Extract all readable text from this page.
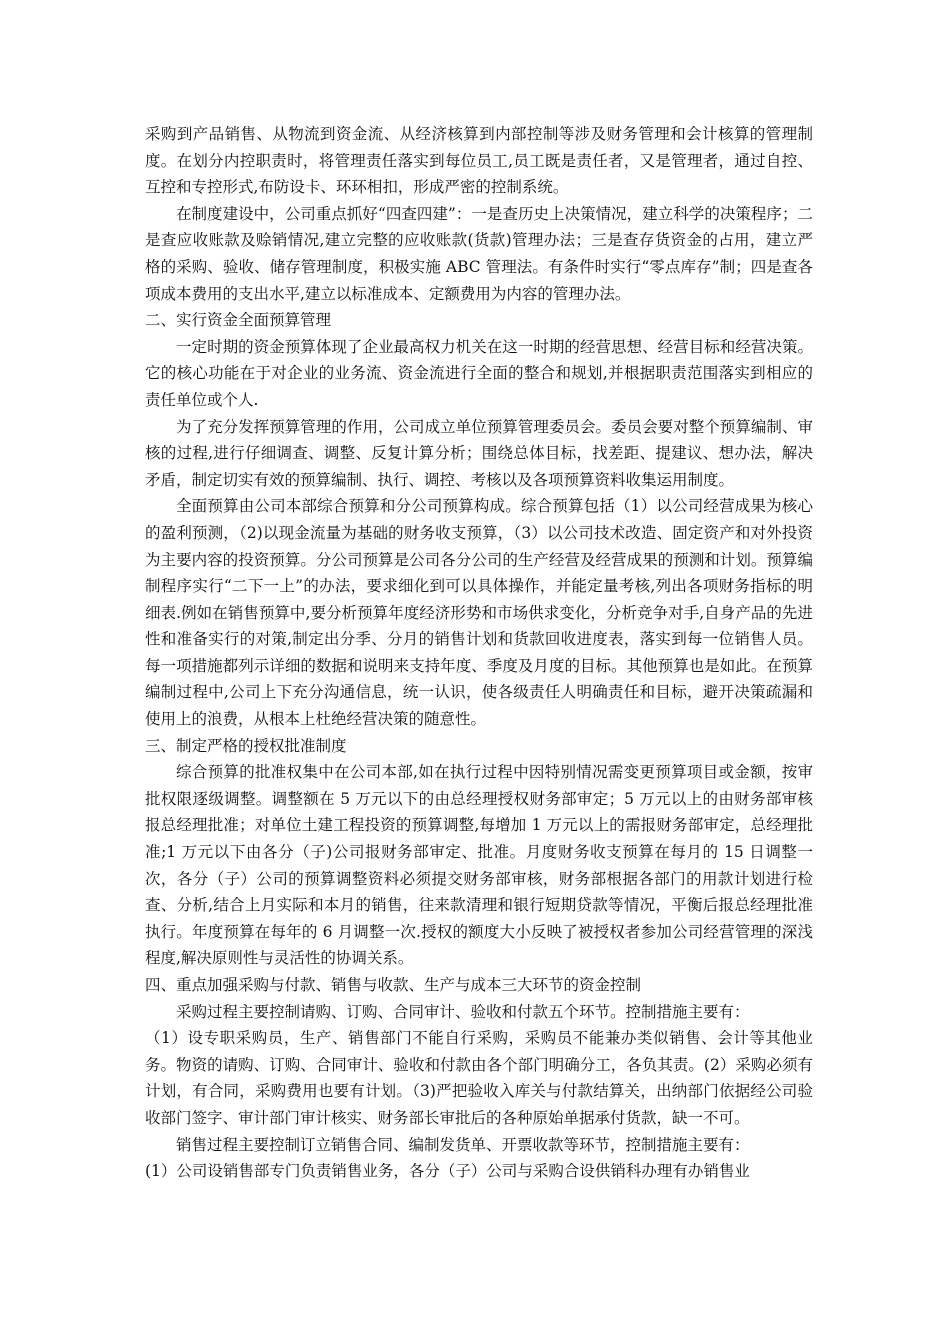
采购到产品销售、从物流到资金流、从经济核算到内部控制等涉及财务管理和会计核算的管理制度。在划分内控职责时，将管理责任落实到每位员工,员工既是责任者，又是管理者，通过自控、互控和专控形式,布防设卡、环环相扣，形成严密的控制系统。

在制度建设中，公司重点抓好“四查四建”：一是查历史上决策情况，建立科学的决策程序；二是查应收账款及赊销情况,建立完整的应收账款(货款)管理办法；三是查存货资金的占用，建立严格的采购、验收、储存管理制度，积极实施 ABC 管理法。有条件时实行“零点库存”制；四是查各项成本费用的支出水平,建立以标准成本、定额费用为内容的管理办法。

二、实行资金全面预算管理

一定时期的资金预算体现了企业最高权力机关在这一时期的经营思想、经营目标和经营决策。它的核心功能在于对企业的业务流、资金流进行全面的整合和规划,并根据职责范围落实到相应的责任单位或个人.

为了充分发挥预算管理的作用，公司成立单位预算管理委员会。委员会要对整个预算编制、审核的过程,进行仔细调查、调整、反复计算分析；围绕总体目标，找差距、提建议、想办法，解决矛盾，制定切实有效的预算编制、执行、调控、考核以及各项预算资料收集运用制度。

全面预算由公司本部综合预算和分公司预算构成。综合预算包括（1）以公司经营成果为核心的盈利预测，（2)以现金流量为基础的财务收支预算，（3）以公司技术改造、固定资产和对外投资为主要内容的投资预算。分公司预算是公司各分公司的生产经营及经营成果的预测和计划。预算编制程序实行“二下一上”的办法，要求细化到可以具体操作，并能定量考核,列出各项财务指标的明细表.例如在销售预算中,要分析预算年度经济形势和市场供求变化，分析竞争对手,自身产品的先进性和准备实行的对策,制定出分季、分月的销售计划和货款回收进度表，落实到每一位销售人员。每一项措施都列示详细的数据和说明来支持年度、季度及月度的目标。其他预算也是如此。在预算编制过程中,公司上下充分沟通信息，统一认识，使各级责任人明确责任和目标，避开决策疏漏和使用上的浪费，从根本上杜绝经营决策的随意性。

三、制定严格的授权批准制度

综合预算的批准权集中在公司本部,如在执行过程中因特别情况需变更预算项目或金额，按审批权限逐级调整。调整额在 5 万元以下的由总经理授权财务部审定；5 万元以上的由财务部审核报总经理批准；对单位土建工程投资的预算调整,每增加 1 万元以上的需报财务部审定，总经理批准;1 万元以下由各分（子)公司报财务部审定、批准。月度财务收支预算在每月的 15 日调整一次，各分（子）公司的预算调整资料必须提交财务部审核，财务部根据各部门的用款计划进行检查、分析,结合上月实际和本月的销售，往来款清理和银行短期贷款等情况，平衡后报总经理批准执行。年度预算在每年的 6 月调整一次.授权的额度大小反映了被授权者参加公司经营管理的深浅程度,解决原则性与灵活性的协调关系。

四、重点加强采购与付款、销售与收款、生产与成本三大环节的资金控制

采购过程主要控制请购、订购、合同审计、验收和付款五个环节。控制措施主要有：

（1）设专职采购员，生产、销售部门不能自行采购，采购员不能兼办类似销售、会计等其他业务。物资的请购、订购、合同审计、验收和付款由各个部门明确分工，各负其责。(2）采购必须有计划，有合同，采购费用也要有计划。（3)严把验收入库关与付款结算关，出纳部门依据经公司验收部门签字、审计部门审计核实、财务部长审批后的各种原始单据承付货款，缺一不可。

销售过程主要控制订立销售合同、编制发货单、开票收款等环节，控制措施主要有：

(1）公司设销售部专门负责销售业务，各分（子）公司与采购合设供销科办理有办销售业
